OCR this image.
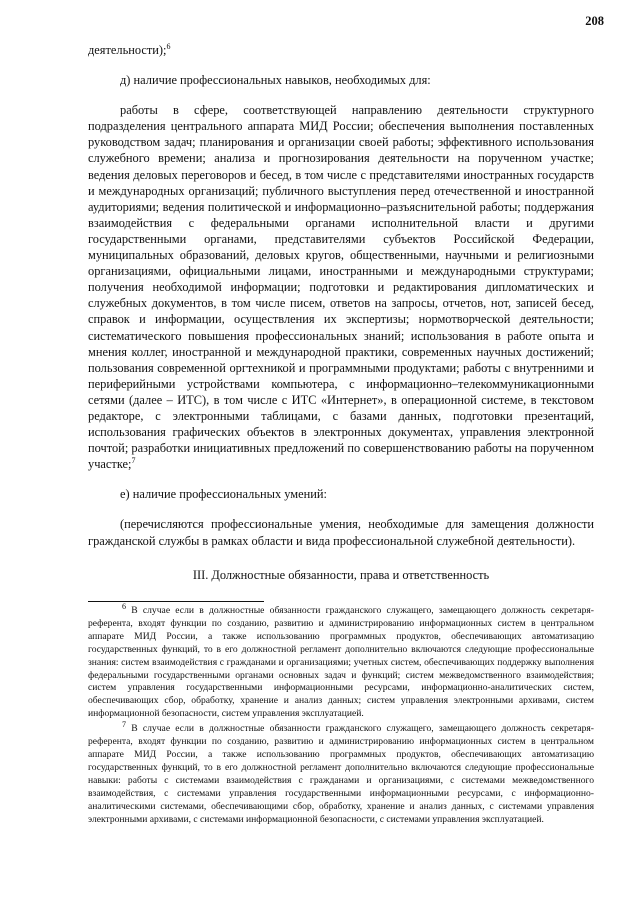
208

деятельности);$^6$

д) наличие профессиональных навыков, необходимых для:

работы в сфере, соответствующей направлению деятельности структурного подразделения центрального аппарата МИД России; обеспечения выполнения поставленных руководством задач; планирования и организации своей работы; эффективного использования служебного времени; анализа и прогнозирования деятельности на порученном участке; ведения деловых переговоров и бесед, в том числе с представителями иностранных государств и международных организаций; публичного выступления перед отечественной и иностранной аудиториями; ведения политической и информационно–разъяснительной работы; поддержания взаимодействия с федеральными органами исполнительной власти и другими государственными органами, представителями субъектов Российской Федерации, муниципальных образований, деловых кругов, общественными, научными и религиозными организациями, официальными лицами, иностранными и международными структурами; получения необходимой информации; подготовки и редактирования дипломатических и служебных документов, в том числе писем, ответов на запросы, отчетов, нот, записей бесед, справок и информации, осуществления их экспертизы; нормотворческой деятельности; систематического повышения профессиональных знаний; использования в работе опыта и мнения коллег, иностранной и международной практики, современных научных достижений; пользования современной оргтехникой и программными продуктами; работы с внутренними и периферийными устройствами компьютера, с информационно–телекоммуникационными сетями (далее – ИТС), в том числе с ИТС «Интернет», в операционной системе, в текстовом редакторе, с электронными таблицами, с базами данных, подготовки презентаций, использования графических объектов в электронных документах, управления электронной почтой; разработки инициативных предложений по совершенствованию работы на порученном участке;$^7$

е) наличие профессиональных умений:

(перечисляются профессиональные умения, необходимые для замещения должности гражданской службы в рамках области и вида профессиональной служебной деятельности).

III. Должностные обязанности, права и ответственность

$^6$ В случае если в должностные обязанности гражданского служащего, замещающего должность секретаря-референта, входят функции по созданию, развитию и администрированию информационных систем в центральном аппарате МИД России, а также использованию программных продуктов, обеспечивающих автоматизацию государственных функций, то в его должностной регламент дополнительно включаются следующие профессиональные знания: систем взаимодействия с гражданами и организациями; учетных систем, обеспечивающих поддержку выполнения федеральными государственными органами основных задач и функций; систем межведомственного взаимодействия; систем управления государственными информационными ресурсами, информационно-аналитических систем, обеспечивающих сбор, обработку, хранение и анализ данных; систем управления электронными архивами, систем информационной безопасности, систем управления эксплуатацией.

$^7$ В случае если в должностные обязанности гражданского служащего, замещающего должность секретаря-референта, входят функции по созданию, развитию и администрированию информационных систем в центральном аппарате МИД России, а также использованию программных продуктов, обеспечивающих автоматизацию государственных функций, то в его должностной регламент дополнительно включаются следующие профессиональные навыки: работы с системами взаимодействия с гражданами и организациями, с системами межведомственного взаимодействия, с системами управления государственными информационными ресурсами, с информационно-аналитическими системами, обеспечивающими сбор, обработку, хранение и анализ данных, с системами управления электронными архивами, с системами информационной безопасности, с системами управления эксплуатацией.
